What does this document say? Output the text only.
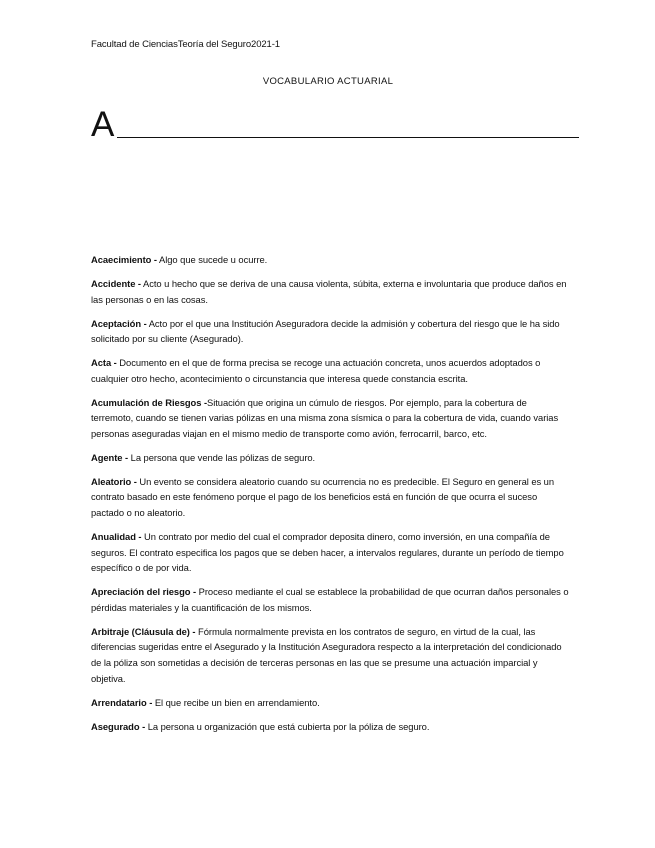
Facultad de CienciasTeoría del Seguro2021-1
VOCABULARIO ACTUARIAL
A

Acaecimiento - Algo que sucede u ocurre.

Accidente - Acto u hecho que se deriva de una causa violenta, súbita, externa e involuntaria que produce daños en las personas o en las cosas.

Aceptación - Acto por el que una Institución Aseguradora decide la admisión y cobertura del riesgo que le ha sido solicitado por su cliente (Asegurado).

Acta - Documento en el que de forma precisa se recoge una actuación concreta, unos acuerdos adoptados o cualquier otro hecho, acontecimiento o circunstancia que interesa quede constancia escrita.

Acumulación de Riesgos -Situación que origina un cúmulo de riesgos. Por ejemplo, para la cobertura de terremoto, cuando se tienen varias pólizas en una misma zona sísmica o para la cobertura de vida, cuando varias personas aseguradas viajan en el mismo medio de transporte como avión, ferrocarril, barco, etc.

Agente - La persona que vende las pólizas de seguro.

Aleatorio - Un evento se considera aleatorio cuando su ocurrencia no es predecible. El Seguro en general es un contrato basado en este fenómeno porque el pago de los beneficios está en función de que ocurra el suceso pactado o no aleatorio.

Anualidad - Un contrato por medio del cual el comprador deposita dinero, como inversión, en una compañía de seguros. El contrato especifica los pagos que se deben hacer, a intervalos regulares, durante un período de tiempo específico o de por vida.

Apreciación del riesgo - Proceso mediante el cual se establece la probabilidad de que ocurran daños personales o pérdidas materiales y la cuantificación de los mismos.

Arbitraje (Cláusula de) - Fórmula normalmente prevista en los contratos de seguro, en virtud de la cual, las diferencias sugeridas entre el Asegurado y la Institución Aseguradora respecto a la interpretación del condicionado de la póliza son sometidas a decisión de terceras personas en las que se presume una actuación imparcial y objetiva.

Arrendatario - El que recibe un bien en arrendamiento.

Asegurado - La persona u organización que está cubierta por la póliza de seguro.
